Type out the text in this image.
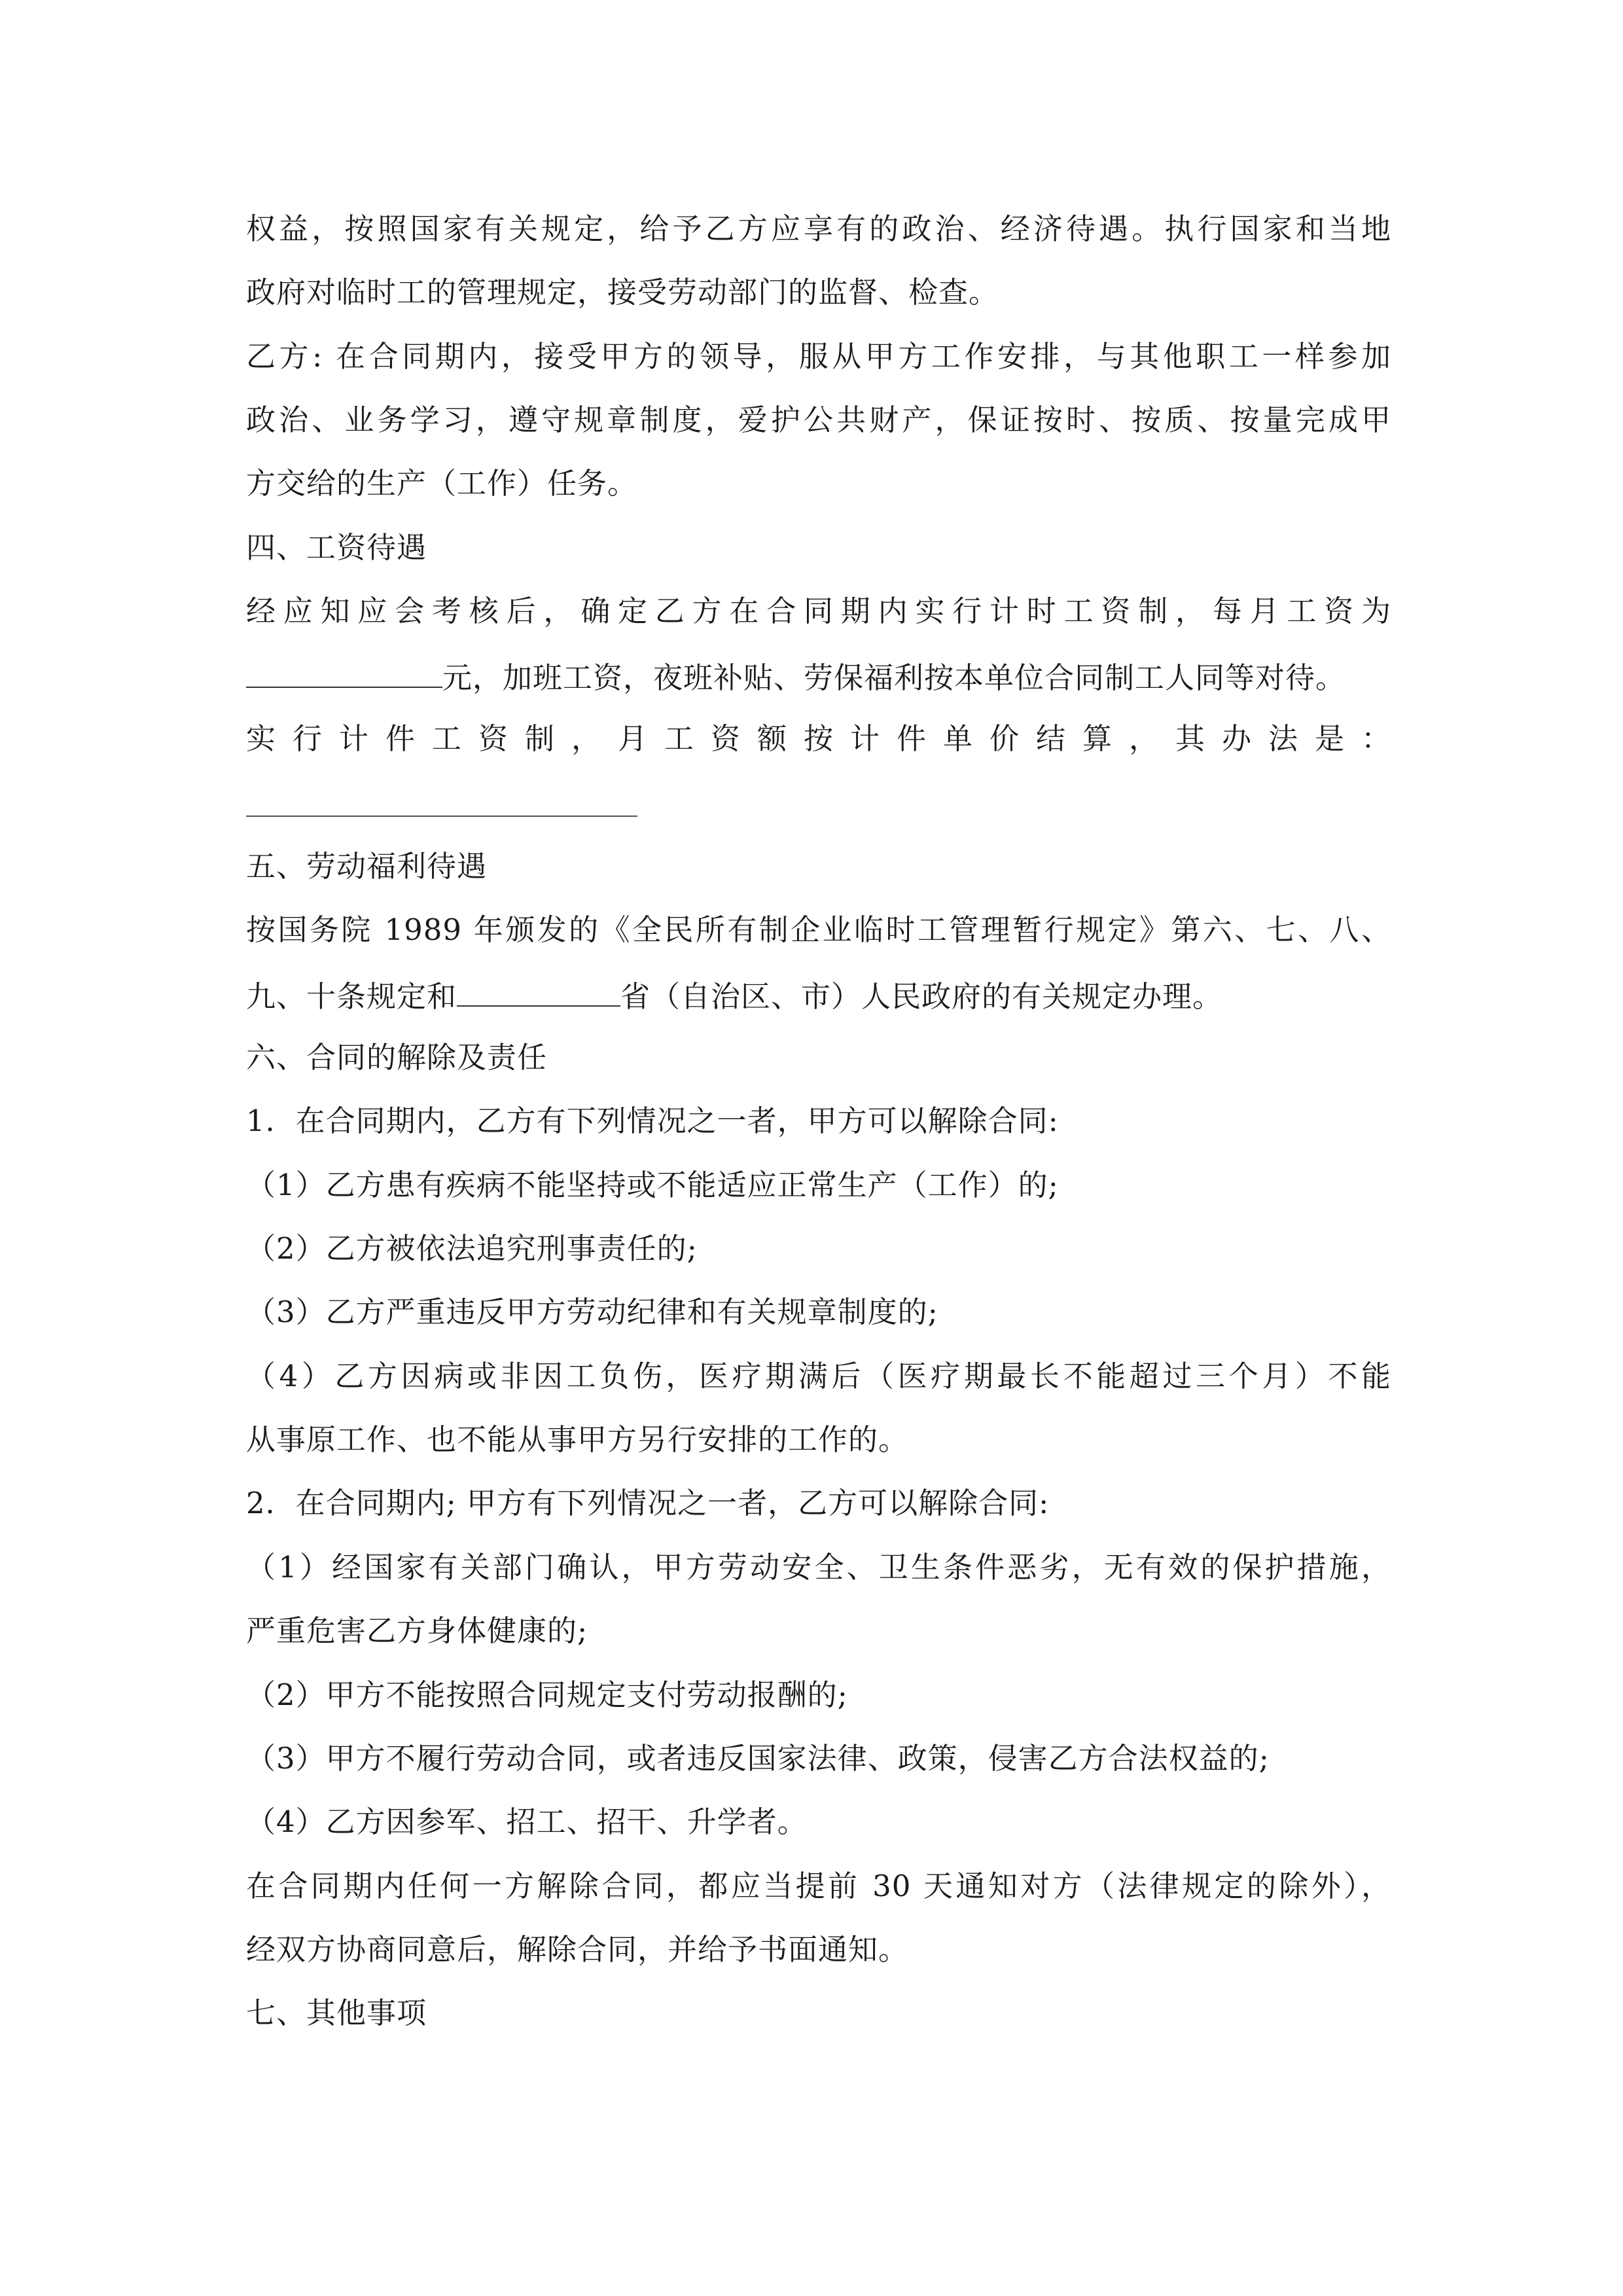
权益，按照国家有关规定，给予乙方应享有的政治、经济待遇。执行国家和当地
政府对临时工的管理规定，接受劳动部门的监督、检查。
乙方: 在合同期内，接受甲方的领导，服从甲方工作安排，与其他职工一样参加
政治、业务学习，遵守规章制度，爱护公共财产，保证按时、按质、按量完成甲
方交给的生产（工作）任务。
四、工资待遇
经应知应会考核后，确定乙方在合同期内实行计时工资制，每月工资为
元，加班工资，夜班补贴、劳保福利按本单位合同制工人同等对待。
实行计件工资制，月工资额按计件单价结算，其办法是：
五、劳动福利待遇
按国务院 1989 年颁发的《全民所有制企业临时工管理暂行规定》第六、七、八、
九、十条规定和	省（自治区、市）人民政府的有关规定办理。
六、合同的解除及责任
1．在合同期内，乙方有下列情况之一者，甲方可以解除合同:
（1）乙方患有疾病不能坚持或不能适应正常生产（工作）的;
（2）乙方被依法追究刑事责任的;
（3）乙方严重违反甲方劳动纪律和有关规章制度的;
（4）乙方因病或非因工负伤，医疗期满后（医疗期最长不能超过三个月）不能
从事原工作、也不能从事甲方另行安排的工作的。
2．在合同期内; 甲方有下列情况之一者，乙方可以解除合同:
（1）经国家有关部门确认，甲方劳动安全、卫生条件恶劣，无有效的保护措施，
严重危害乙方身体健康的;
（2）甲方不能按照合同规定支付劳动报酬的;
（3）甲方不履行劳动合同，或者违反国家法律、政策，侵害乙方合法权益的;
（4）乙方因参军、招工、招干、升学者。
在合同期内任何一方解除合同，都应当提前 30 天通知对方（法律规定的除外），
经双方协商同意后，解除合同，并给予书面通知。
七、其他事项
